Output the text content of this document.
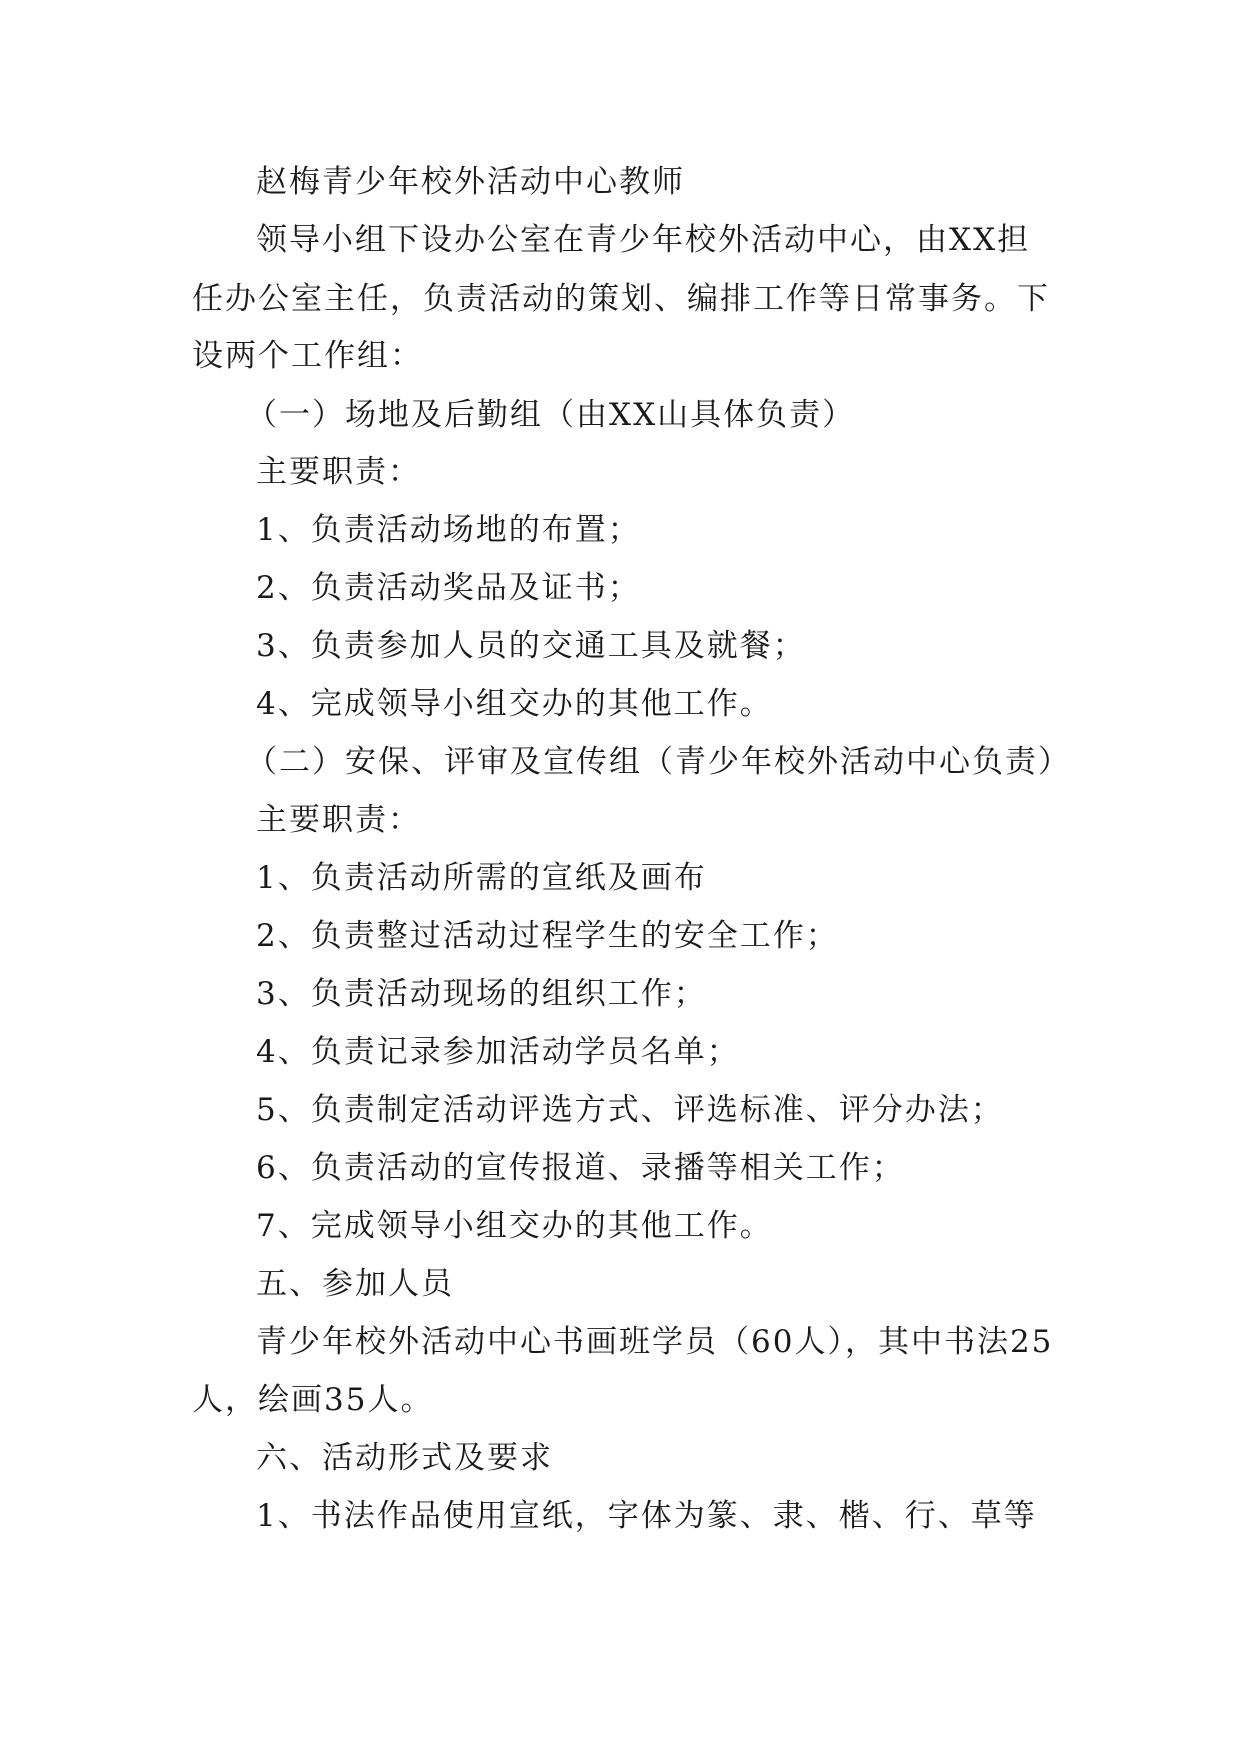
赵梅青少年校外活动中心教师
领导小组下设办公室在青少年校外活动中心，由XX担
任办公室主任，负责活动的策划、编排工作等日常事务。下
设两个工作组：
（一）场地及后勤组（由XX山具体负责）
主要职责：
1、负责活动场地的布置；
2、负责活动奖品及证书；
3、负责参加人员的交通工具及就餐；
4、完成领导小组交办的其他工作。
（二）安保、评审及宣传组（青少年校外活动中心负责）
主要职责：
1、负责活动所需的宣纸及画布
2、负责整过活动过程学生的安全工作；
3、负责活动现场的组织工作；
4、负责记录参加活动学员名单；
5、负责制定活动评选方式、评选标准、评分办法；
6、负责活动的宣传报道、录播等相关工作；
7、完成领导小组交办的其他工作。
五、参加人员
青少年校外活动中心书画班学员（60人），其中书法25
人，绘画35人。
六、活动形式及要求
1、书法作品使用宣纸，字体为篆、隶、楷、行、草等
